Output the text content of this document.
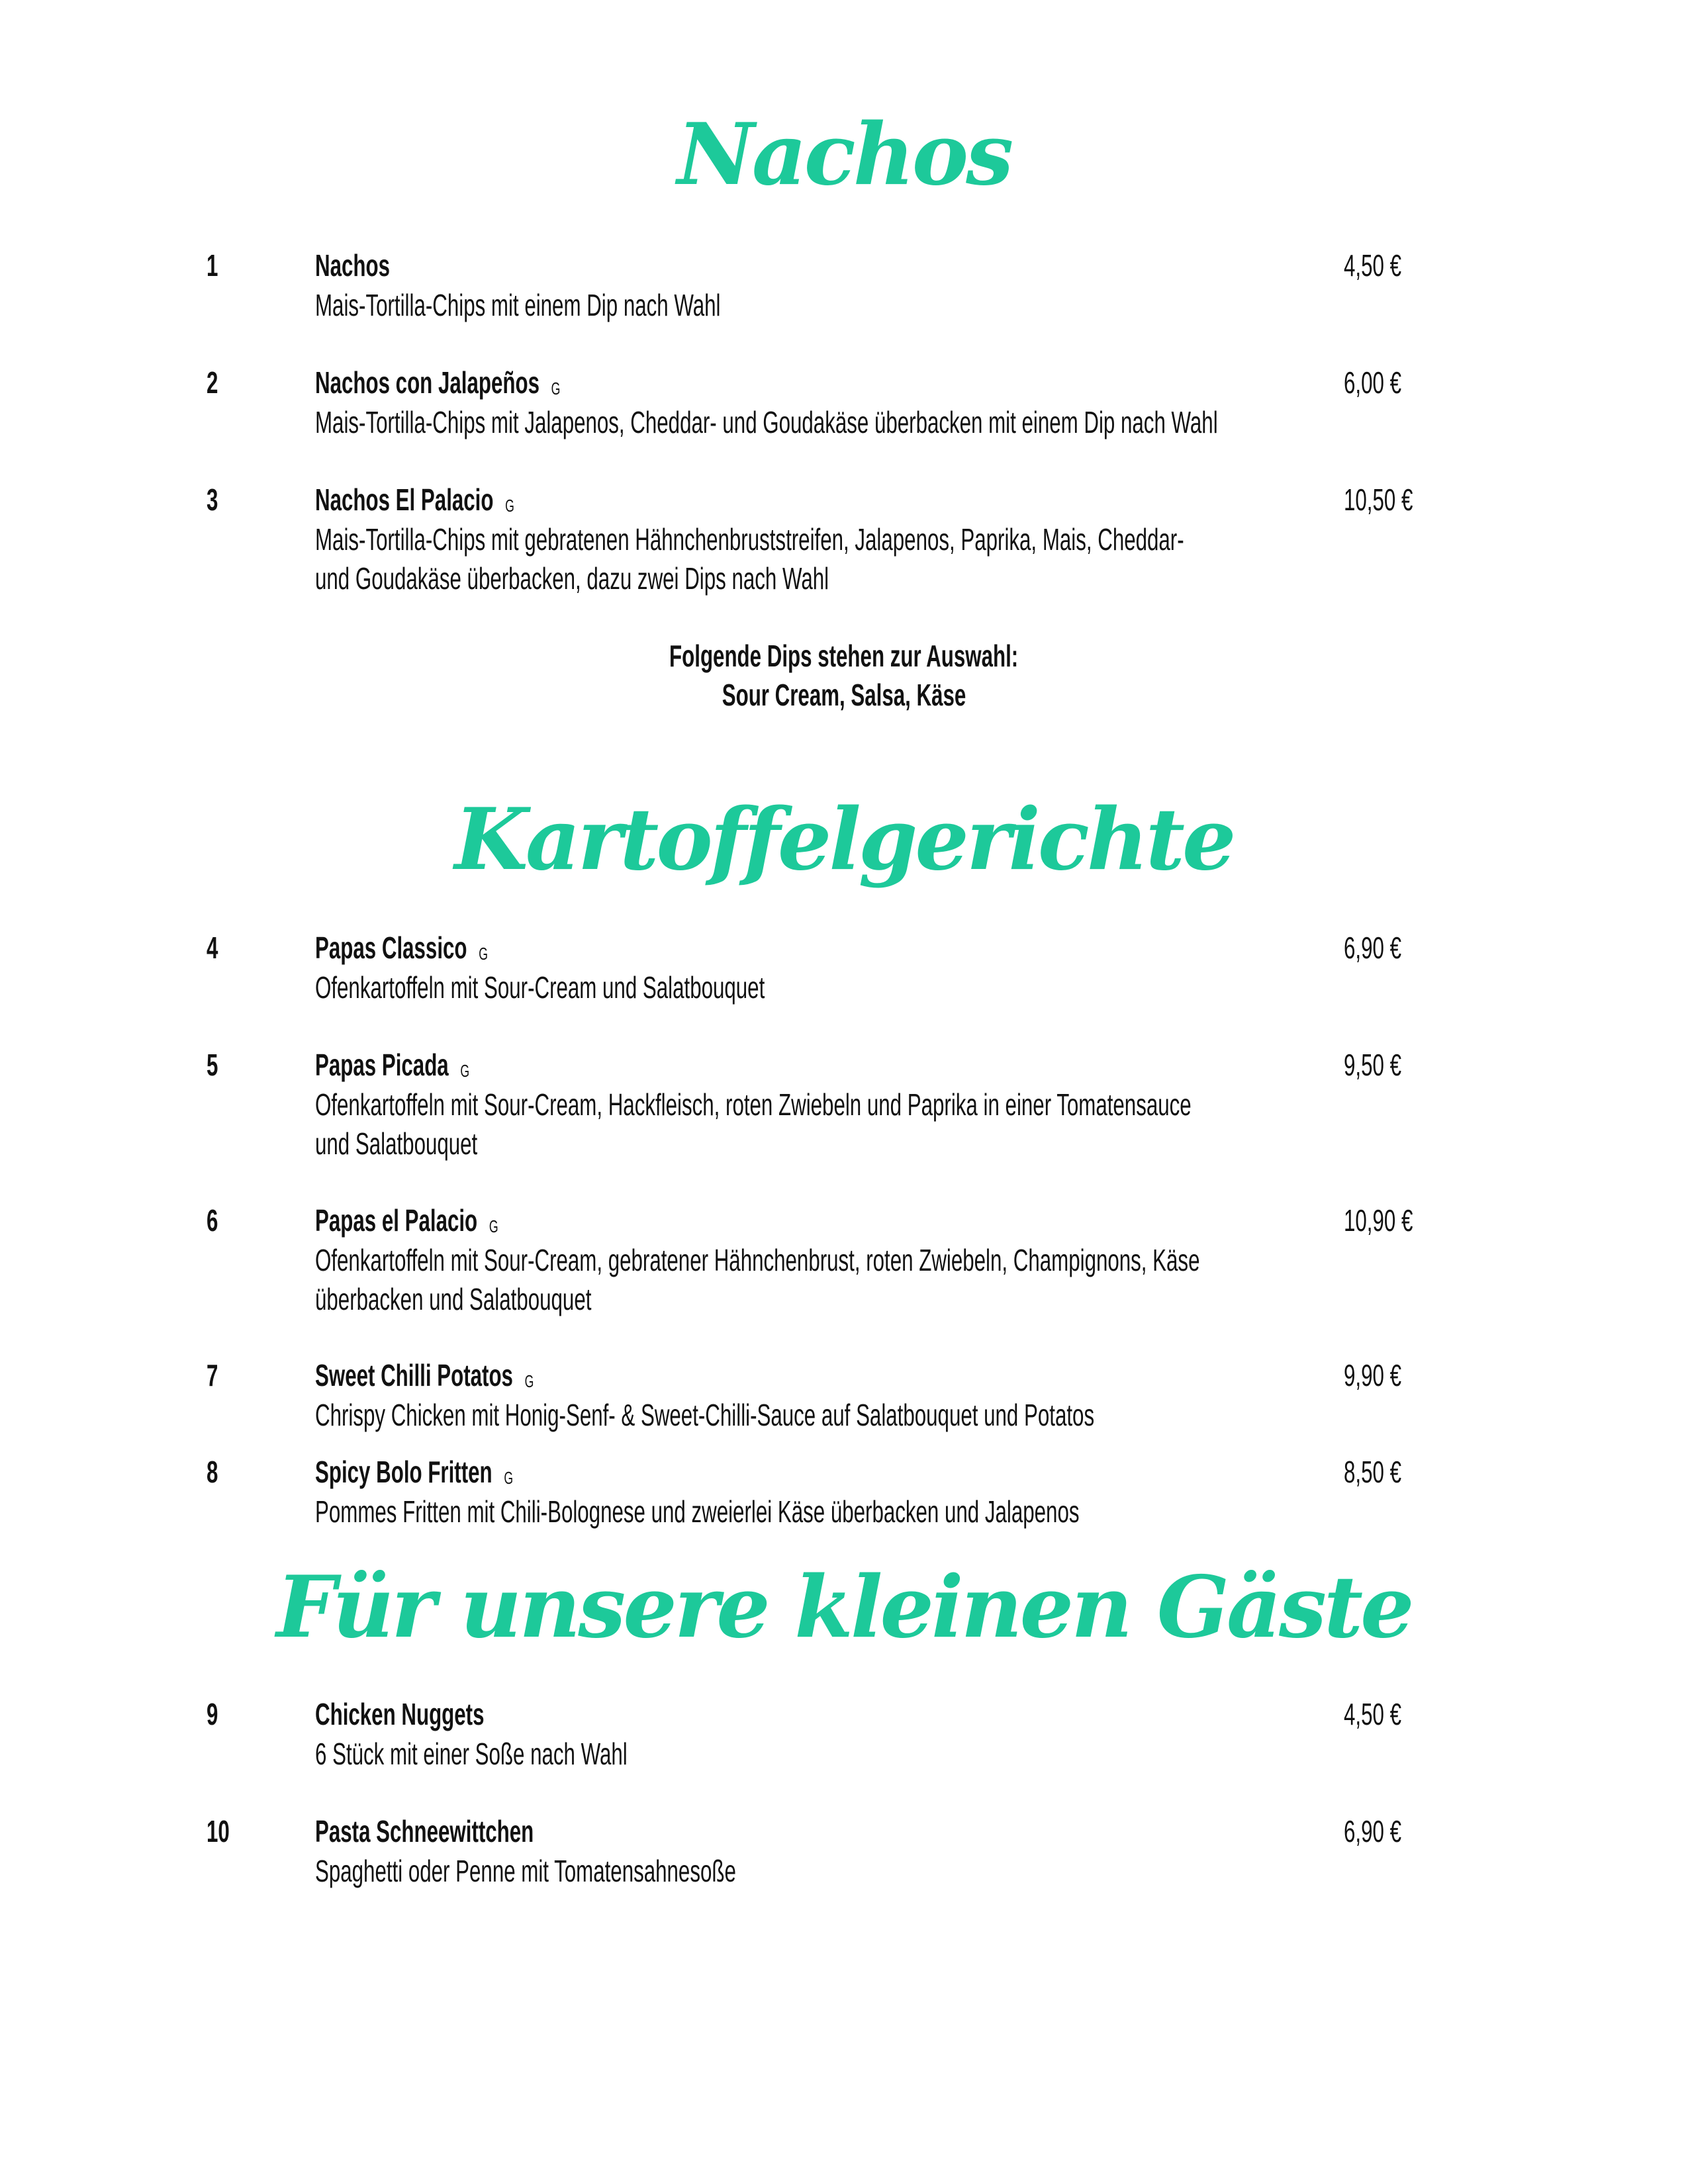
Nachos
1	Nachos	4,50 €
Mais-Tortilla-Chips mit einem Dip nach Wahl
2	Nachos con Jalapeños G	6,00 €
Mais-Tortilla-Chips mit Jalapenos, Cheddar- und Goudakäse überbacken mit einem Dip nach Wahl
3	Nachos El Palacio G	10,50 €
Mais-Tortilla-Chips mit gebratenen Hähnchenbruststreifen, Jalapenos, Paprika, Mais, Cheddar-
und Goudakäse überbacken, dazu zwei Dips nach Wahl
Folgende Dips stehen zur Auswahl:
Sour Cream, Salsa, Käse
Kartoffelgerichte
4	Papas Classico G	6,90 €
Ofenkartoffeln mit Sour-Cream und Salatbouquet
5	Papas Picada G	9,50 €
Ofenkartoffeln mit Sour-Cream, Hackfleisch, roten Zwiebeln und Paprika in einer Tomatensauce
und Salatbouquet
6	Papas el Palacio G	10,90 €
Ofenkartoffeln mit Sour-Cream, gebratener Hähnchenbrust, roten Zwiebeln, Champignons, Käse
überbacken und Salatbouquet
7	Sweet Chilli Potatos G	9,90 €
Chrispy Chicken mit Honig-Senf- & Sweet-Chilli-Sauce auf Salatbouquet und Potatos
8	Spicy Bolo Fritten G	8,50 €
Pommes Fritten mit Chili-Bolognese und zweierlei Käse überbacken und Jalapenos
Für unsere kleinen Gäste
9	Chicken Nuggets	4,50 €
6 Stück mit einer Soße nach Wahl
10	Pasta Schneewittchen	6,90 €
Spaghetti oder Penne mit Tomatensahnesoße
